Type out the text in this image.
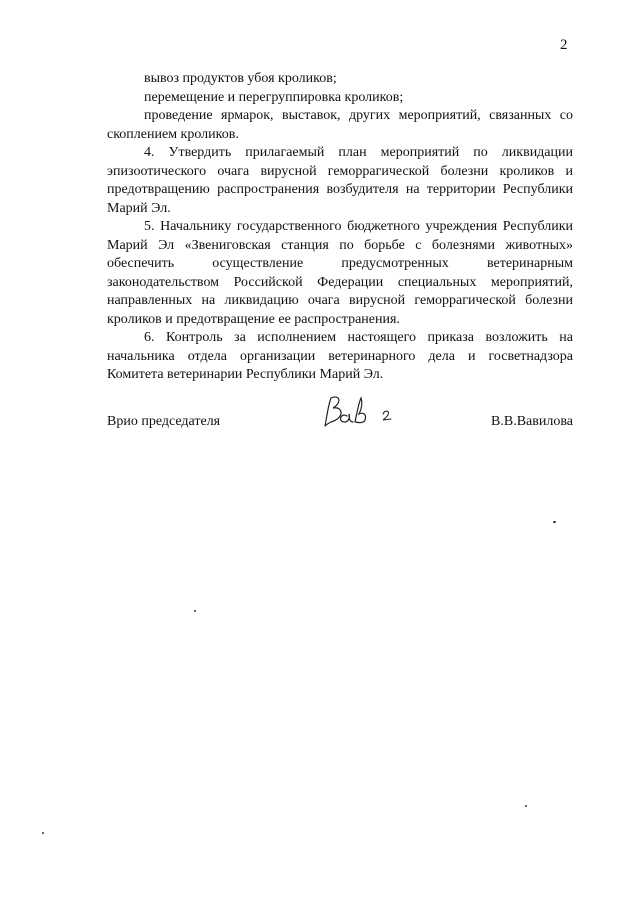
2

вывоз продуктов убоя кроликов;

перемещение и перегруппировка кроликов;

проведение ярмарок, выставок, других мероприятий, связанных со скоплением кроликов.

4. Утвердить прилагаемый план мероприятий по ликвидации эпизоотического очага вирусной геморрагической болезни кроликов и предотвращению распространения возбудителя на территории Республики Марий Эл.

5. Начальнику государственного бюджетного учреждения Республики Марий Эл «Звениговская станция по борьбе с болезнями животных» обеспечить осуществление предусмотренных ветеринарным законодательством Российской Федерации специальных мероприятий, направленных на ликвидацию очага вирусной геморрагической болезни кроликов и предотвращение ее распространения.

6. Контроль за исполнением настоящего приказа возложить на начальника отдела организации ветеринарного дела и госветнадзора Комитета ветеринарии Республики Марий Эл.

Врио председателя	В.В.Вавилова
